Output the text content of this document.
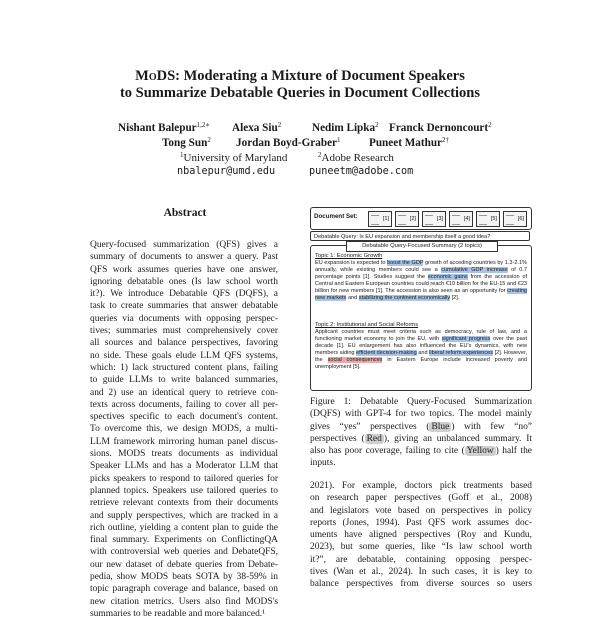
MoDS: Moderating a Mixture of Document Speakers
to Summarize Debatable Queries in Document Collections
Nishant Balepur$^{1,2∗}$ Alexa Siu$^2$	Nedim Lipka$^2$ Franck Dernoncourt$^2$
Tong Sun$^2$ Jordan Boyd-Graber$^1$	Puneet Mathur$^{2\dagger}$
$^1$University of Maryland	$^2$Adobe Research
nbalepur@umd.edu	puneetm@adobe.com
Abstract
Query-focused summarization (QFS) gives a
summary of documents to answer a query. Past
QFS work assumes queries have one answer,
ignoring debatable ones (Is law school worth
it?). We introduce Debatable QFS (DQFS), a
task to create summaries that answer debatable
queries via documents with opposing perspec-
tives; summaries must comprehensively cover
all sources and balance perspectives, favoring
no side. These goals elude LLM QFS systems,
which: 1) lack structured content plans, failing
to guide LLMs to write balanced summaries,
and 2) use an identical query to retrieve con-
texts across documents, failing to cover all per-
spectives specific to each document's content.
To overcome this, we design MODS, a multi-
LLM framework mirroring human panel discus-
sions. MODS treats documents as individual
Speaker LLMs and has a Moderator LLM that
picks speakers to respond to tailored queries for
planned topics. Speakers use tailored queries to
retrieve relevant contexts from their documents
and supply perspectives, which are tracked in a
rich outline, yielding a content plan to guide the
final summary. Experiments on ConflictingQA
with controversial web queries and DebateQFS,
our new dataset of debate queries from Debate-
pedia, show MODS beats SOTA by 38-59% in
topic paragraph coverage and balance, based on
new citation metrics. Users also find MODS's
summaries to be readable and more balanced.¹
Document Set:	[1]	[2]	[3]	[4]	[5]	[6]
Debatable Query: Is EU expansion and membership itself a good idea?
Debatable Query-Focused Summary (2 topics)
Topic 1: Economic Growth
EU expansion is expected to boost the GDP growth of acceding countries by 1.3-2.1% annually, while existing members could see a cumulative GDP increase of 0.7 percentage points [1]. Studies suggest the economic gains from the accession of Central and Eastern European countries could reach €10 billion for the EU-15 and €23 billion for new members [1]. The accession is also seen as an opportunity for creating new markets and stabilizing the continent economically [2].
Topic 2: Institutional and Social Reforms
Applicant countries must meet criteria such as democracy, rule of law, and a functioning market economy to join the EU, with significant progress over the past decade [1]. EU enlargement has also influenced the EU's dynamics, with new members aiding efficient decision-making and liberal reform experiences [2]. However, the social consequences in Eastern Europe include increased poverty and unemployment [5].
Figure 1: Debatable Query-Focused Summarization (DQFS) with GPT-4 for two topics. The model mainly gives “yes” perspectives ( Blue ) with few “no” perspectives ( Red ), giving an unbalanced summary. It also has poor coverage, failing to cite ( Yellow ) half the inputs.
2021). For example, doctors pick treatments based
on research paper perspectives (Goff et al., 2008)
and legislators vote based on perspectives in policy
reports (Jones, 1994). Past QFS work assumes doc-
uments have aligned perspectives (Roy and Kundu,
2023), but some queries, like “Is law school worth
it?”, are debatable, containing opposing perspec-
tives (Wan et al., 2024). In such cases, it is key to
balance perspectives from diverse sources so users
